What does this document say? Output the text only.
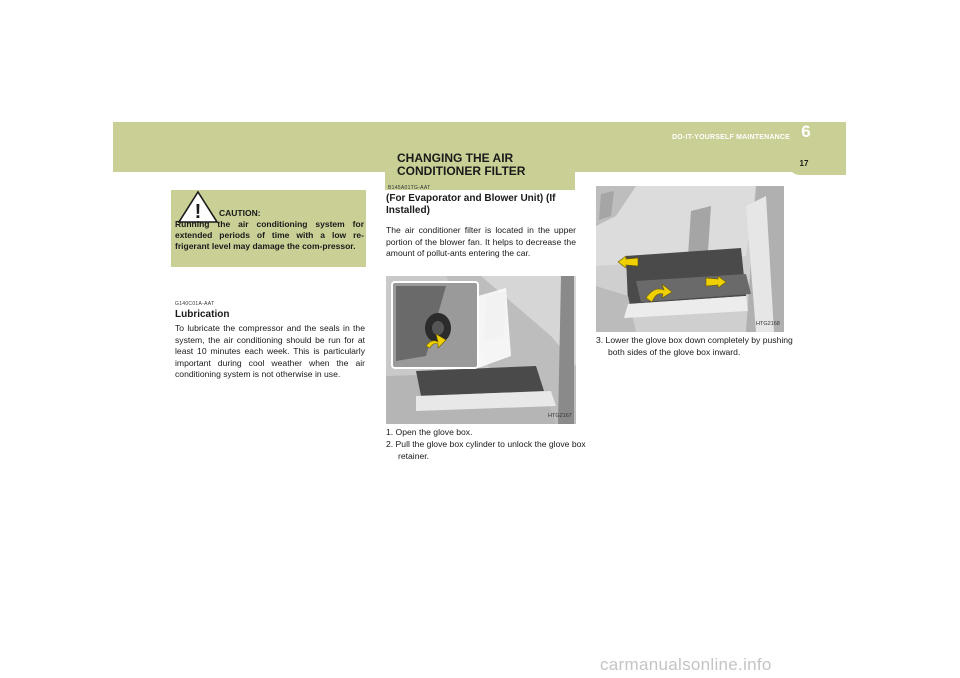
6
DO-IT-YOURSELF MAINTENANCE
17
CHANGING THE AIR CONDITIONER FILTER
! CAUTION:
Running the air conditioning system for extended periods of time with a low re-frigerant level may damage the com-pressor.
G140C01A-AAT
Lubrication
To lubricate the compressor and the seals in the system, the air conditioning should be run for at least 10 minutes each week. This is particularly important during cool weather when the air conditioning system is not otherwise in use.
B145A01TG-AAT
(For Evaporator and Blower Unit) (If Installed)
The air conditioner filter is located in the upper portion of the blower fan. It helps to decrease the amount of pollut-ants entering the car.
HTG2167
1. Open the glove box.
2. Pull the glove box cylinder to unlock the glove box retainer.
HTG2168
3. Lower the glove box down completely by pushing both sides of the glove box inward.
carmanualsonline.info
